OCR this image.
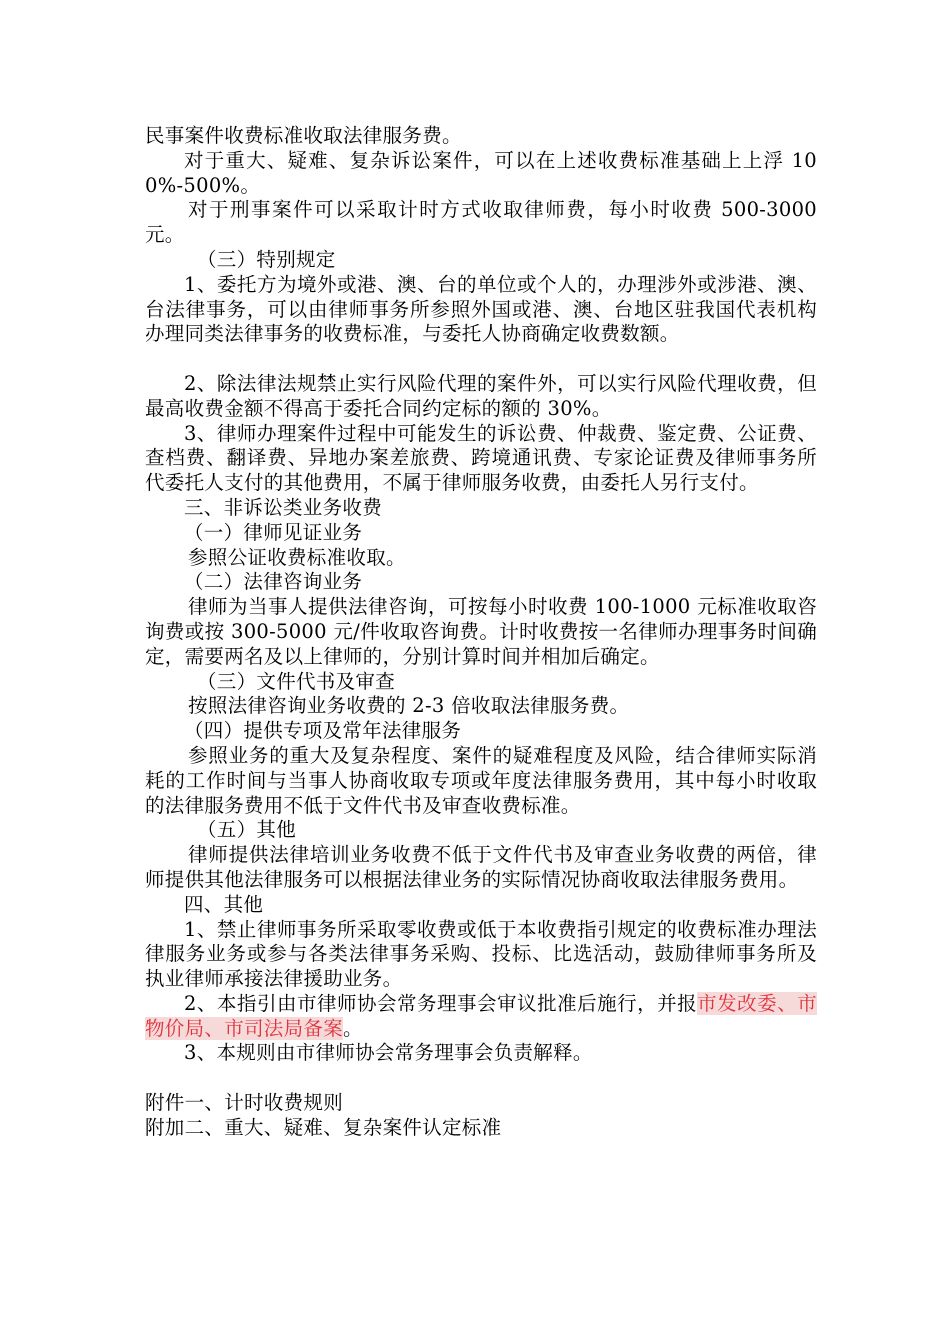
民事案件收费标准收取法律服务费。

对于重大、疑难、复杂诉讼案件，可以在上述收费标准基础上上浮 100%-500%。

对于刑事案件可以采取计时方式收取律师费，每小时收费 500-3000 元。

（三）特别规定

1、委托方为境外或港、澳、台的单位或个人的，办理涉外或涉港、澳、台法律事务，可以由律师事务所参照外国或港、澳、台地区驻我国代表机构办理同类法律事务的收费标准，与委托人协商确定收费数额。

2、除法律法规禁止实行风险代理的案件外，可以实行风险代理收费，但最高收费金额不得高于委托合同约定标的额的 30%。

3、律师办理案件过程中可能发生的诉讼费、仲裁费、鉴定费、公证费、查档费、翻译费、异地办案差旅费、跨境通讯费、专家论证费及律师事务所代委托人支付的其他费用，不属于律师服务收费，由委托人另行支付。

三、非诉讼类业务收费

（一）律师见证业务

参照公证收费标准收取。

（二）法律咨询业务

律师为当事人提供法律咨询，可按每小时收费 100-1000 元标准收取咨询费或按 300-5000 元/件收取咨询费。计时收费按一名律师办理事务时间确定，需要两名及以上律师的，分别计算时间并相加后确定。

（三）文件代书及审查

按照法律咨询业务收费的 2-3 倍收取法律服务费。

（四）提供专项及常年法律服务

参照业务的重大及复杂程度、案件的疑难程度及风险，结合律师实际消耗的工作时间与当事人协商收取专项或年度法律服务费用，其中每小时收取的法律服务费用不低于文件代书及审查收费标准。

（五）其他

律师提供法律培训业务收费不低于文件代书及审查业务收费的两倍，律师提供其他法律服务可以根据法律业务的实际情况协商收取法律服务费用。

四、其他

1、禁止律师事务所采取零收费或低于本收费指引规定的收费标准办理法律服务业务或参与各类法律事务采购、投标、比选活动，鼓励律师事务所及执业律师承接法律援助业务。

2、本指引由市律师协会常务理事会审议批准后施行，并报市发改委、市物价局、市司法局备案。

3、本规则由市律师协会常务理事会负责解释。

附件一、计时收费规则

附加二、重大、疑难、复杂案件认定标准
